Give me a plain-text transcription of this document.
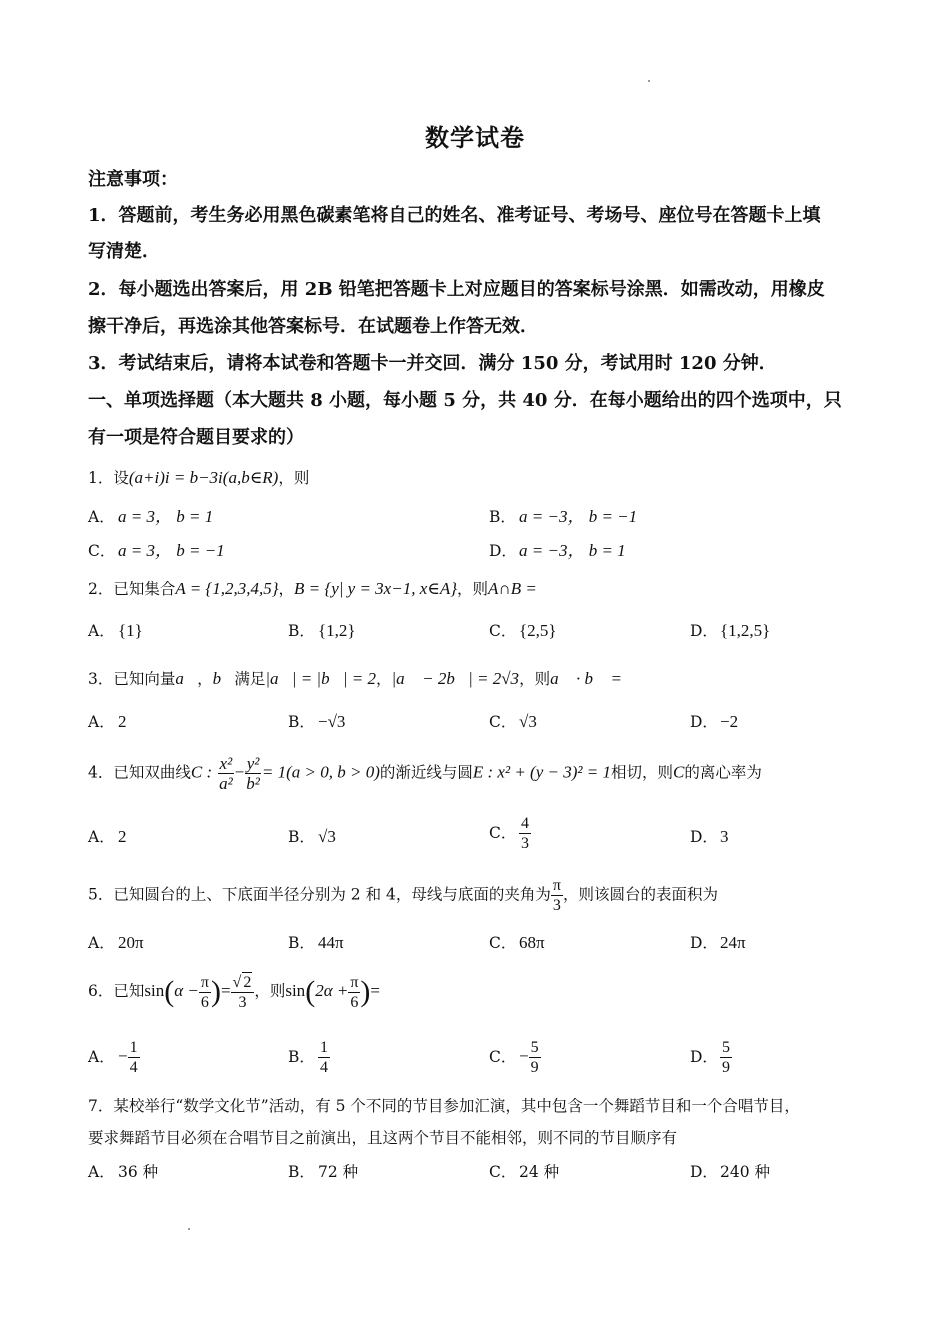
数学试卷
注意事项：
1．答题前，考生务必用黑色碳素笔将自己的姓名、准考证号、考场号、座位号在答题卡上填
写清楚．
2．每小题选出答案后，用 2B 铅笔把答题卡上对应题目的答案标号涂黑．如需改动，用橡皮
擦干净后，再选涂其他答案标号．在试题卷上作答无效．
3．考试结束后，请将本试卷和答题卡一并交回．满分 150 分，考试用时 120 分钟．
一、单项选择题（本大题共 8 小题，每小题 5 分，共 40 分．在每小题给出的四个选项中，只
有一项是符合题目要求的）
1．设(a+i)i = b−3i(a,b∈R)，则
A． a = 3， b = 1	B． a = −3， b = −1
C． a = 3， b = −1	D． a = −3， b = 1
2．已知集合A = {1,2,3,4,5}，B = {y| y = 3x−1, x∈A}，则A∩B =
A． {1}	B． {1,2}	C． {2,5}	D． {1,2,5}
3．已知向量a⃗，b⃗满足|a⃗| = |b⃗| = 2，|a⃗ − 2b⃗| = 2√3，则a⃗ · b⃗ =
A． 2	B． −√3	C． √3	D． −2
4．已知双曲线C : $\frac{\text{x²}}{\text{a²}} - \frac{\text{y²}}{\text{b²}} = 1(a > 0$, b > 0)的渐近线与圆E : x² + (y − 3)² = 1相切，则C的离心率为
A． 2	B． √3	C． $\frac{4}{3}$	D． 3
5．已知圆台的上、下底面半径分别为 2 和 4，母线与底面的夹角为 $\frac{\pi}{3}$ ，则该圆台的表面积为
A． 20π	B． 44π	C． 68π	D． 24π
6．已知$\sin(\alpha - \frac{\pi}{6}$ )= $\frac{√ 2}{3}$ ，则$\sin(2\alpha + \frac{\pi}{6}$ )=
A． − $\frac{1}{4}$	B． $\frac{1}{4}$	C． − $\frac{5}{9}$	D． $\frac{5}{9}$
7．某校举行“数学文化节”活动，有 5 个不同的节目参加汇演，其中包含一个舞蹈节目和一个合唱节目，
要求舞蹈节目必须在合唱节目之前演出，且这两个节目不能相邻，则不同的节目顺序有
A． 36 种	B． 72 种	C． 24 种	D． 240 种
